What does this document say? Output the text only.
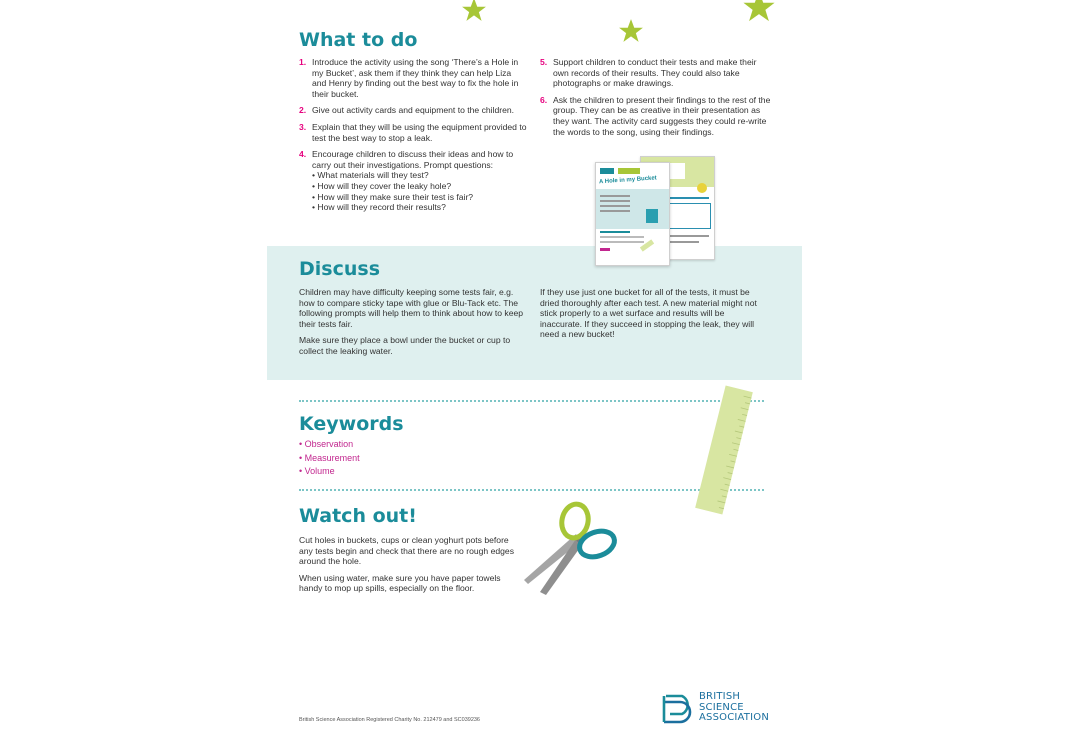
What to do
1. Introduce the activity using the song ‘There’s a Hole in my Bucket’, ask them if they think they can help Liza and Henry by finding out the best way to fix the hole in their bucket.
2. Give out activity cards and equipment to the children.
3. Explain that they will be using the equipment provided to test the best way to stop a leak.
4. Encourage children to discuss their ideas and how to carry out their investigations. Prompt questions:
• What materials will they test?
• How will they cover the leaky hole?
• How will they make sure their test is fair?
• How will they record their results?
5. Support children to conduct their tests and make their own records of their results. They could also take photographs or make drawings.
6. Ask the children to present their findings to the rest of the group. They can be as creative in their presentation as they want. The activity card suggests they could re-write the words to the song, using their findings.
A Hole in my Bucket
Discuss

Children may have difficulty keeping some tests fair, e.g. how to compare sticky tape with glue or Blu-Tack etc. The following prompts will help them to think about how to keep their tests fair.

Make sure they place a bowl under the bucket or cup to collect the leaking water.

If they use just one bucket for all of the tests, it must be dried thoroughly after each test. A new material might not stick properly to a wet surface and results will be inaccurate. If they succeed in stopping the leak, they will need a new bucket!

Keywords
• Observation
• Measurement
• Volume
Watch out!

Cut holes in buckets, cups or clean yoghurt pots before any tests begin and check that there are no rough edges around the hole.

When using water, make sure you have paper towels handy to mop up spills, especially on the floor.

British Science Association Registered Charity No. 212479 and SC039236
BRITISH
SCIENCE
ASSOCIATION
